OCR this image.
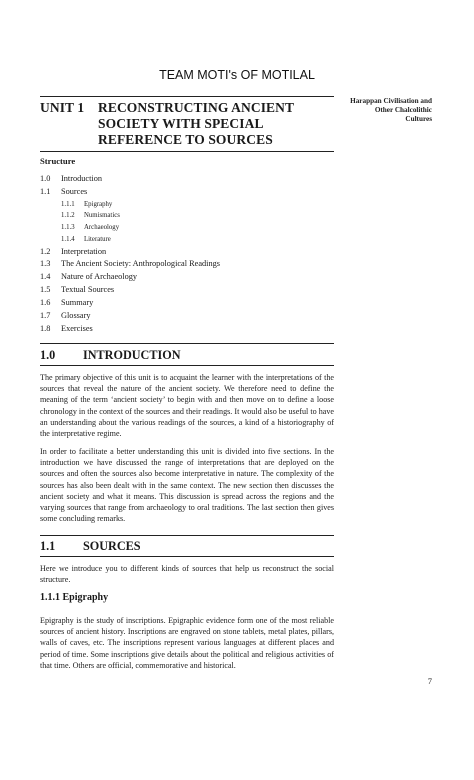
TEAM MOTI's OF MOTILAL
Harappan Civilisation and
Other Chalcolithic
Cultures
UNIT 1 RECONSTRUCTING ANCIENT SOCIETY WITH SPECIAL REFERENCE TO SOURCES
Structure
1.0	Introduction
1.1	Sources
1.1.1	Epigraphy
1.1.2	Numismatics
1.1.3	Archaeology
1.1.4	Literature
1.2	Interpretation
1.3	The Ancient Society: Anthropological Readings
1.4	Nature of Archaeology
1.5	Textual Sources
1.6	Summary
1.7	Glossary
1.8	Exercises
1.0 INTRODUCTION
The primary objective of this unit is to acquaint the learner with the interpretations of the sources that reveal the nature of the ancient society. We therefore need to define the meaning of the term ‘ancient society’ to begin with and then move on to define a loose chronology in the context of the sources and their readings. It would also be useful to have an understanding about the various readings of the sources, a kind of a historiography of the interpretative regime.
In order to facilitate a better understanding this unit is divided into five sections. In the introduction we have discussed the range of interpretations that are deployed on the sources and often the sources also become interpretative in nature. The complexity of the sources has also been dealt with in the same context. The new section then discusses the ancient society and what it means. This discussion is spread across the regions and the varying sources that range from archaeology to oral traditions. The last section then gives some concluding remarks.
1.1 SOURCES
Here we introduce you to different kinds of sources that help us reconstruct the social structure.
1.1.1 Epigraphy
Epigraphy is the study of inscriptions. Epigraphic evidence form one of the most reliable sources of ancient history. Inscriptions are engraved on stone tablets, metal plates, pillars, walls of caves, etc. The inscriptions represent various languages at different places and period of time. Some inscriptions give details about the political and religious activities of that time. Others are official, commemorative and historical.
7
